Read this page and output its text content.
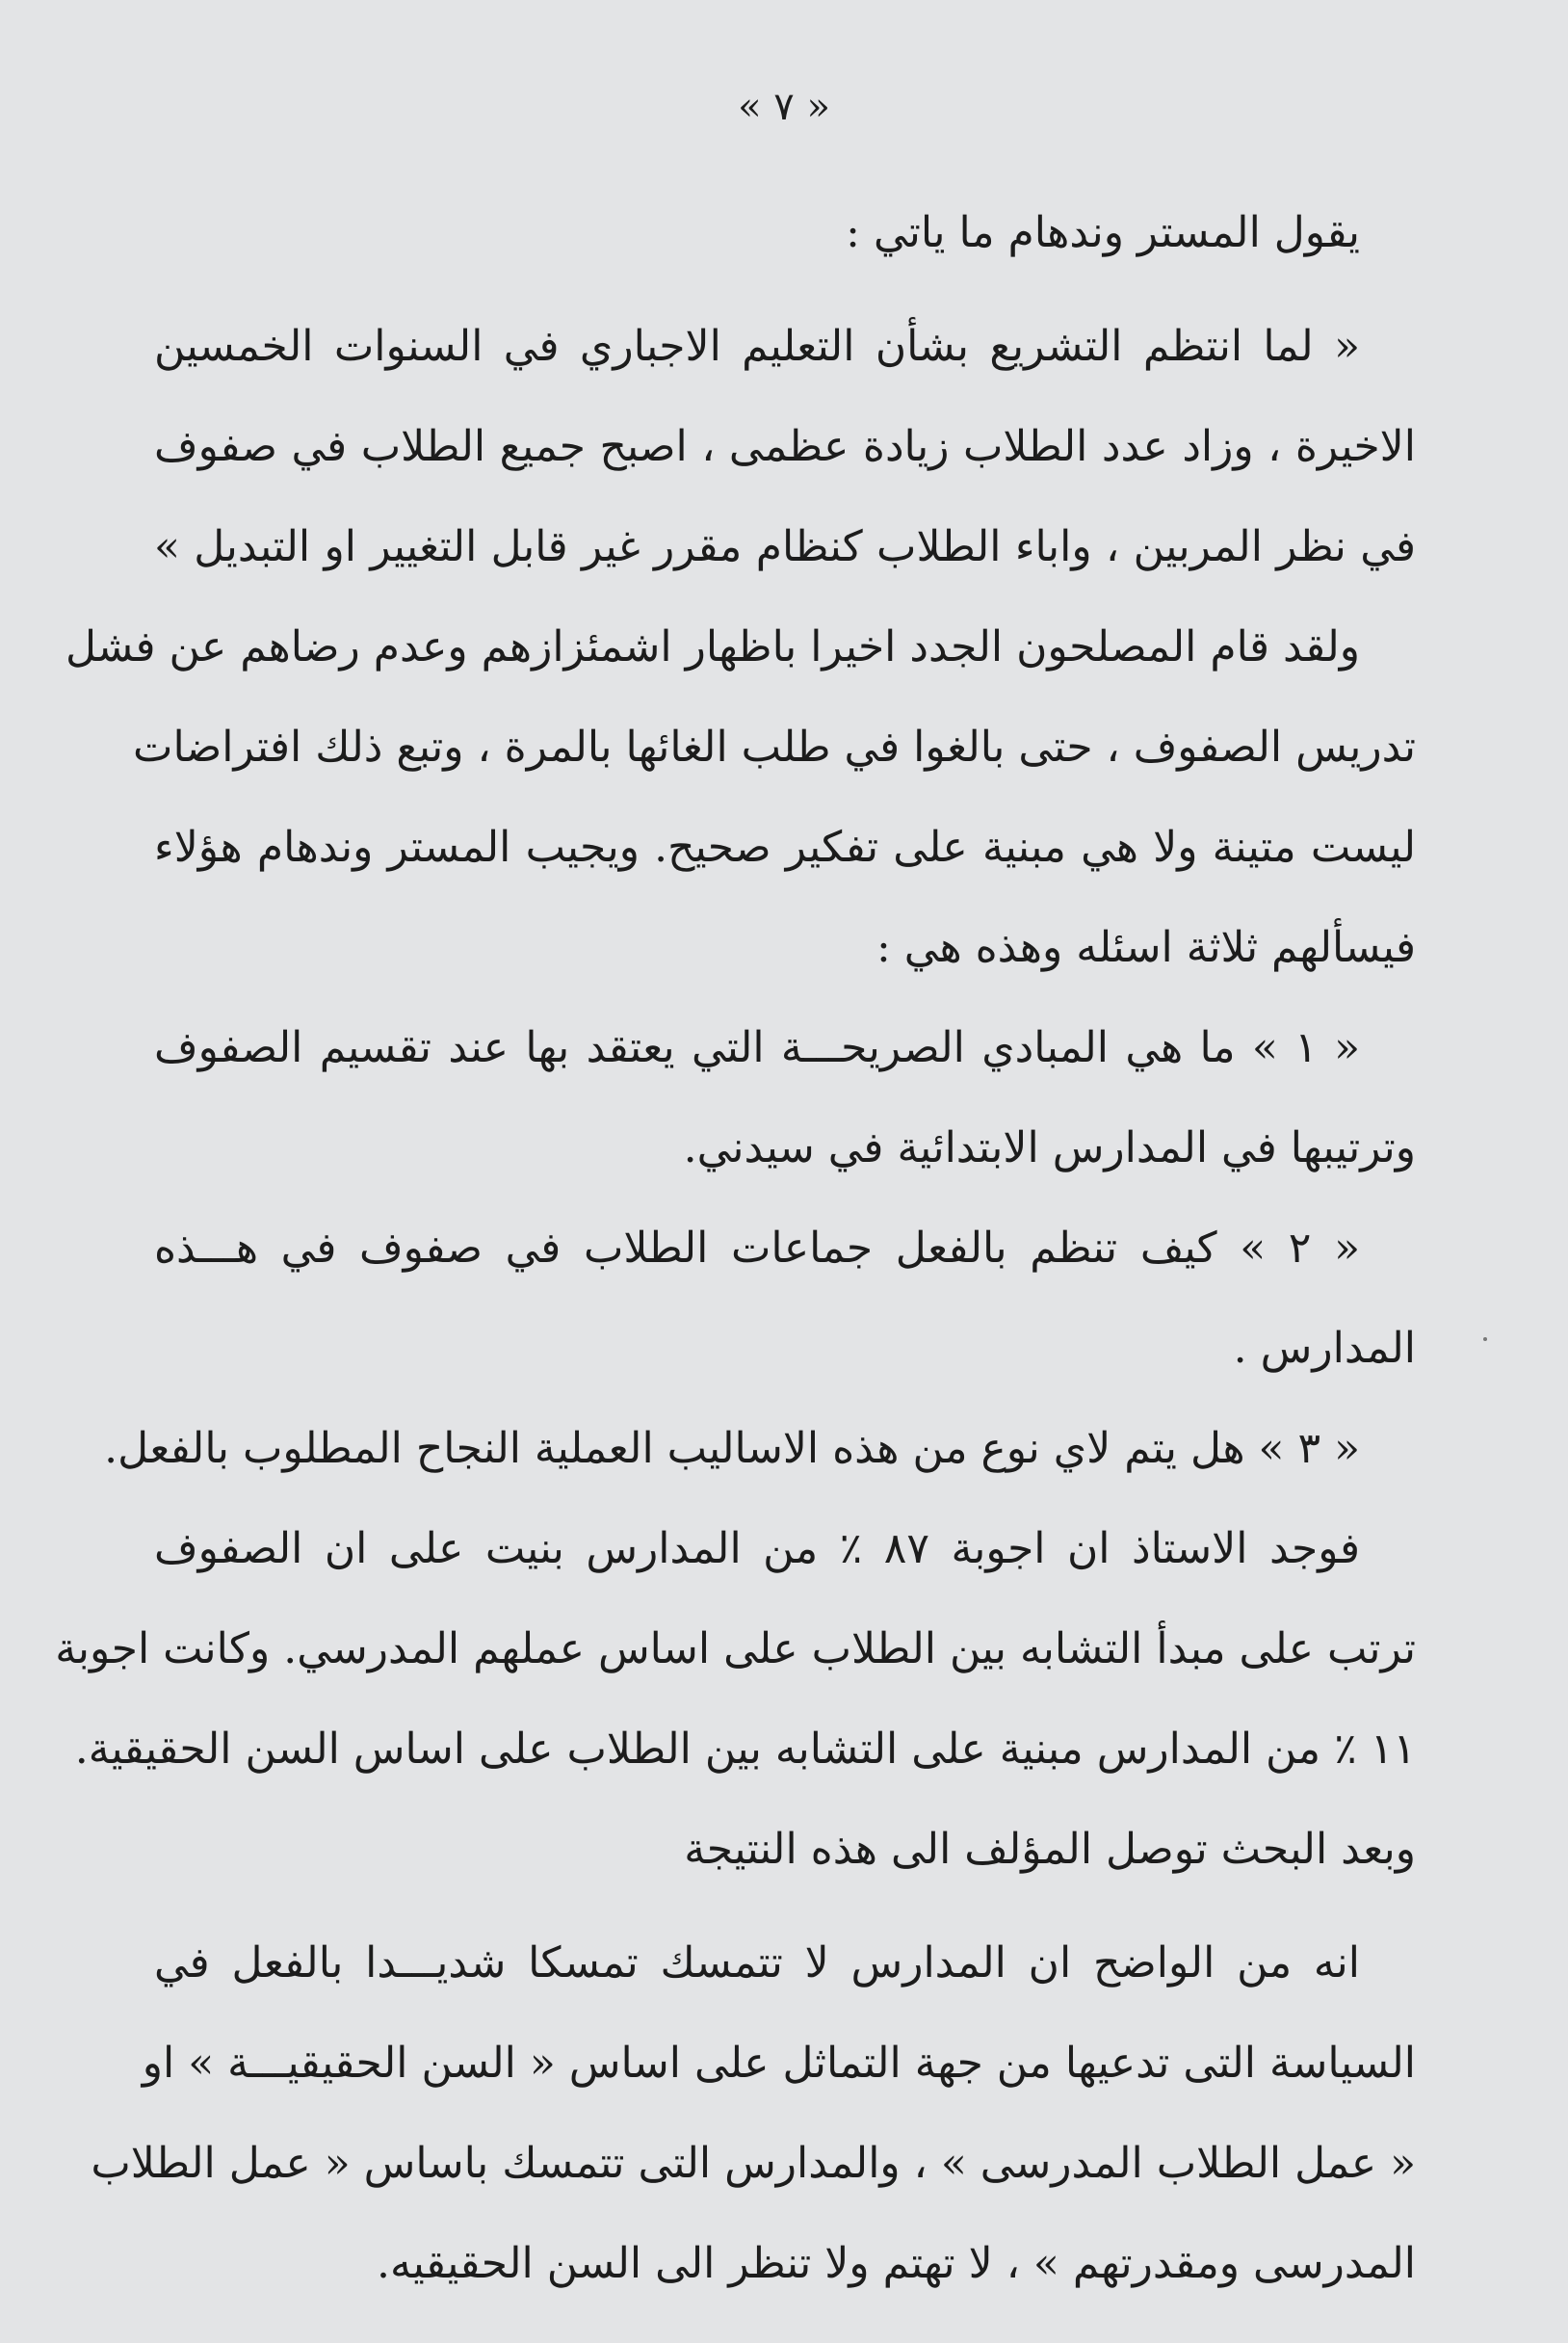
« ٧ »
يقول المستر وندهام ما ياتي :
« لما انتظم التشريع بشأن التعليم الاجباري في السنوات الخمسين
الاخيرة ، وزاد عدد الطلاب زيادة عظمى ، اصبح جميع الطلاب في صفوف
في نظر المربين ، واباء الطلاب كنظام مقرر غير قابل التغيير او التبديل »
ولقد قام المصلحون الجدد اخيرا باظهار اشمئزازهم وعدم رضاهم عن فشل
تدريس الصفوف ، حتى بالغوا في طلب الغائها بالمرة ، وتبع ذلك افتراضات
ليست متينة ولا هي مبنية على تفكير صحيح. ويجيب المستر وندهام هؤلاء
فيسألهم ثلاثة اسئله وهذه هي :
« ١ » ما هي المبادي الصريحـــة التي يعتقد بها عند تقسيم الصفوف
وترتيبها في المدارس الابتدائية في سيدني.
« ٢ » كيف تنظم بالفعل جماعات الطلاب في صفوف في هـــذه
المدارس .
« ٣ » هل يتم لاي نوع من هذه الاساليب العملية النجاح المطلوب بالفعل.
فوجد الاستاذ ان اجوبة ٨٧ ٪ من المدارس بنيت على ان الصفوف
ترتب على مبدأ التشابه بين الطلاب على اساس عملهم المدرسي. وكانت اجوبة
١١ ٪ من المدارس مبنية على التشابه بين الطلاب على اساس السن الحقيقية.
وبعد البحث توصل المؤلف الى هذه النتيجة
انه من الواضح ان المدارس لا تتمسك تمسكا شديـــدا بالفعل في
السياسة التى تدعيها من جهة التماثل على اساس « السن الحقيقيـــة » او
« عمل الطلاب المدرسى » ، والمدارس التى تتمسك باساس « عمل الطلاب
المدرسى ومقدرتهم » ، لا تهتم ولا تنظر الى السن الحقيقيه.
